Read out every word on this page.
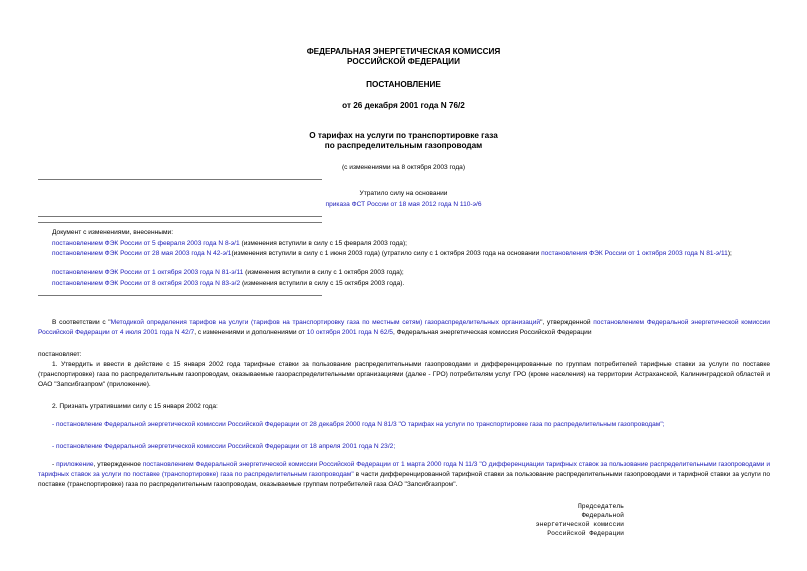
ФЕДЕРАЛЬНАЯ ЭНЕРГЕТИЧЕСКАЯ КОМИССИЯ
РОССИЙСКОЙ ФЕДЕРАЦИИ
ПОСТАНОВЛЕНИЕ
от 26 декабря 2001 года N 76/2
О тарифах на услуги по транспортировке газа
по распределительным газопроводам
(с изменениями на 8 октября 2003 года)
Утратило силу на основании
приказа ФСТ России от 18 мая 2012 года N 110-э/6
Документ с изменениями, внесенными:
постановлением ФЭК России от 5 февраля 2003 года N 8-э/1 (изменения вступили в силу с 15 февраля 2003 года);
постановлением ФЭК России от 28 мая 2003 года N 42-э/1(изменения вступили в силу с 1 июня 2003 года) (утратило силу с 1 октября 2003 года на основании постановления ФЭК России от 1 октября 2003 года N 81-э/11);
постановлением ФЭК России от 1 октября 2003 года N 81-э/11 (изменения вступили в силу с 1 октября 2003 года);
постановлением ФЭК России от 8 октября 2003 года N 83-э/2 (изменения вступили в силу с 15 октября 2003 года).
В соответствии с "Методикой определения тарифов на услуги (тарифов на транспортировку газа по местным сетям) газораспределительных организаций", утвержденной постановлением Федеральной энергетической комиссии Российской Федерации от 4 июля 2001 года N 42/7, с изменениями и дополнениями от 10 октября 2001 года N 62/5, Федеральная энергетическая комиссия Российской Федерации
постановляет:
1. Утвердить и ввести в действие с 15 января 2002 года тарифные ставки за пользование распределительными газопроводами и дифференцированные по группам потребителей тарифные ставки за услуги по поставке (транспортировке) газа по распределительным газопроводам, оказываемые газораспределительными организациями (далее - ГРО) потребителям услуг ГРО (кроме населения) на территории Астраханской, Калининградской областей и ОАО "Запсибгазпром" (приложение).
2. Признать утратившими силу с 15 января 2002 года:
- постановление Федеральной энергетической комиссии Российской Федерации от 28 декабря 2000 года N 81/3 "О тарифах на услуги по транспортировке газа по распределительным газопроводам";
- постановление Федеральной энергетической комиссии Российской Федерации от 18 апреля 2001 года N 23/2;
- приложение, утвержденное постановлением Федеральной энергетической комиссии Российской Федерации от 1 марта 2000 года N 11/3 "О дифференциации тарифных ставок за пользование распределительными газопроводами и тарифных ставок за услуги по поставке (транспортировке) газа по распределительным газопроводам" в части дифференцированной тарифной ставки за пользование распределительными газопроводами и тарифной ставки за услуги по поставке (транспортировке) газа по распределительным газопроводам, оказываемые группам потребителей газа ОАО "Запсибгазпром".
Председатель
Федеральной
энергетической комиссии
Российской Федерации
